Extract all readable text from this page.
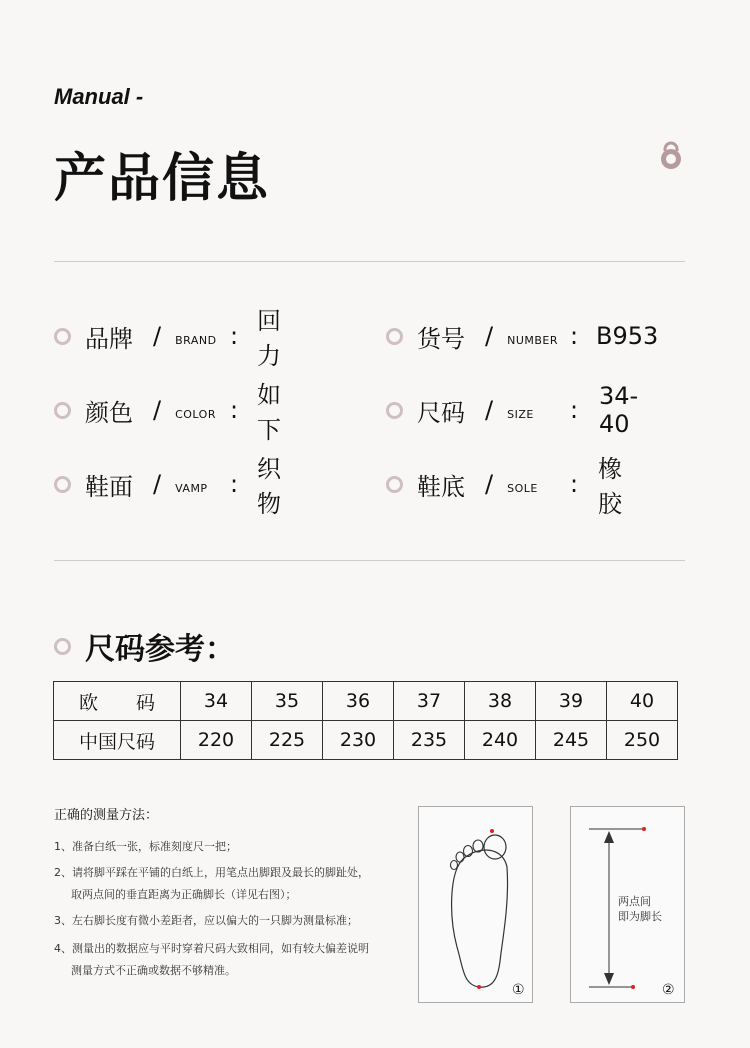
Manual -
产品信息
品牌 / BRAND :
回力
货号 / NUMBER : B953
颜色 / COLOR :
如下
尺码 / SIZE : 34-40
鞋面 / VAMP :
织物
鞋底 / SOLE :
橡胶
尺码参考：
欧　　码	34	35	36	37	38	39	40
中国尺码	220	225	230	235	240	245	250
正确的测量方法：
1、准备白纸一张，标准刻度尺一把；
2、请将脚平踩在平铺的白纸上，用笔点出脚跟及最长的脚趾处，
取两点间的垂直距离为正确脚长（详见右图）；
3、左右脚长度有微小差距者，应以偏大的一只脚为测量标准；
4、测量出的数据应与平时穿着尺码大致相同，如有较大偏差说明
测量方式不正确或数据不够精准。
①
两点间
即为脚长
②
